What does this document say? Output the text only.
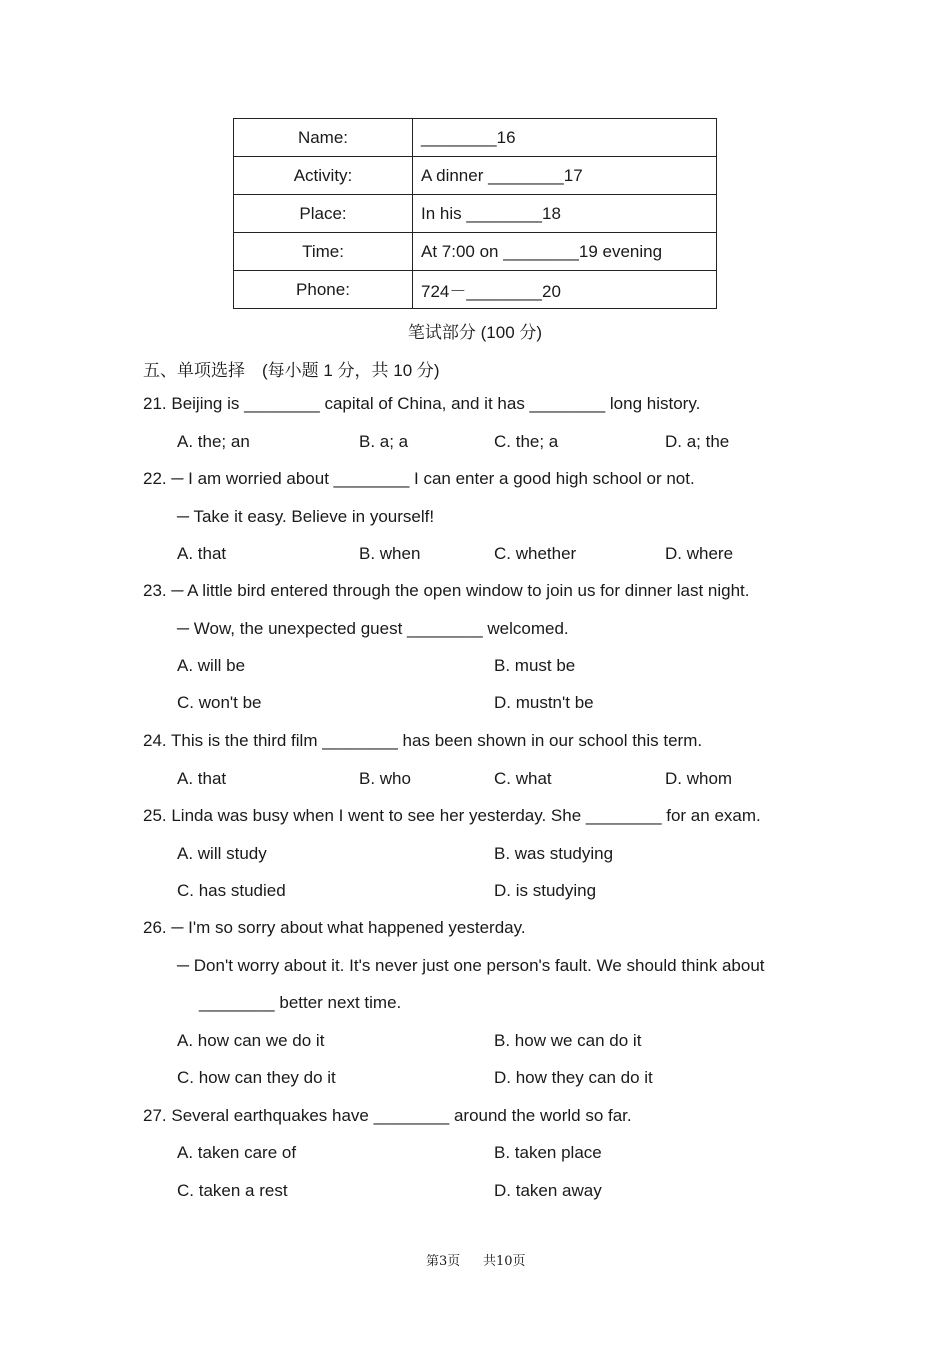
Name:	________16
Activity:	A dinner ________17
Place:	In his ________18
Time:	At 7:00 on ________19 evening
Phone:	724－________20
笔试部分 (100 分)
五、单项选择　(每小题 1 分，共 10 分)
21. Beijing is ________ capital of China, and it has ________ long history.
A. the; an	B. a; a	C. the; a	D. a; the
22. ─ I am worried about ________ I can enter a good high school or not.
─ Take it easy. Believe in yourself!
A. that	B. when	C. whether	D. where
23. ─ A little bird entered through the open window to join us for dinner last night.
─ Wow, the unexpected guest ________ welcomed.
A. will be	B. must be
C. won't be	D. mustn't be
24. This is the third film ________ has been shown in our school this term.
A. that	B. who	C. what	D. whom
25. Linda was busy when I went to see her yesterday. She ________ for an exam.
A. will study	B. was studying
C. has studied	D. is studying
26. ─ I'm so sorry about what happened yesterday.
─ Don't worry about it. It's never just one person's fault. We should think about
________ better next time.
A. how can we do it	B. how we can do it
C. how can they do it	D. how they can do it
27. Several earthquakes have ________ around the world so far.
A. taken care of	B. taken place
C. taken a rest	D. taken away
第3页 共10页
